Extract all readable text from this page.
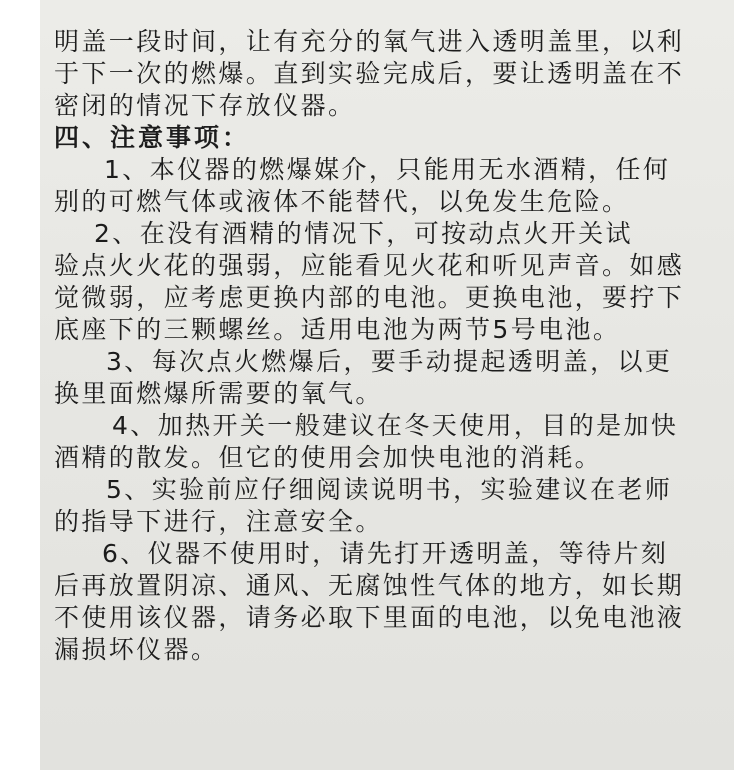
明盖一段时间，让有充分的氧气进入透明盖里，以利
于下一次的燃爆。直到实验完成后，要让透明盖在不
密闭的情况下存放仪器。
四、注意事项：
1、本仪器的燃爆媒介，只能用无水酒精，任何
别的可燃气体或液体不能替代，以免发生危险。
2、在没有酒精的情况下，可按动点火开关试
验点火火花的强弱，应能看见火花和听见声音。如感
觉微弱，应考虑更换内部的电池。更换电池，要拧下
底座下的三颗螺丝。适用电池为两节5号电池。
3、每次点火燃爆后，要手动提起透明盖，以更
换里面燃爆所需要的氧气。
4、加热开关一般建议在冬天使用，目的是加快
酒精的散发。但它的使用会加快电池的消耗。
5、实验前应仔细阅读说明书，实验建议在老师
的指导下进行，注意安全。
6、仪器不使用时，请先打开透明盖，等待片刻
后再放置阴凉、通风、无腐蚀性气体的地方，如长期
不使用该仪器，请务必取下里面的电池，以免电池液
漏损坏仪器。
